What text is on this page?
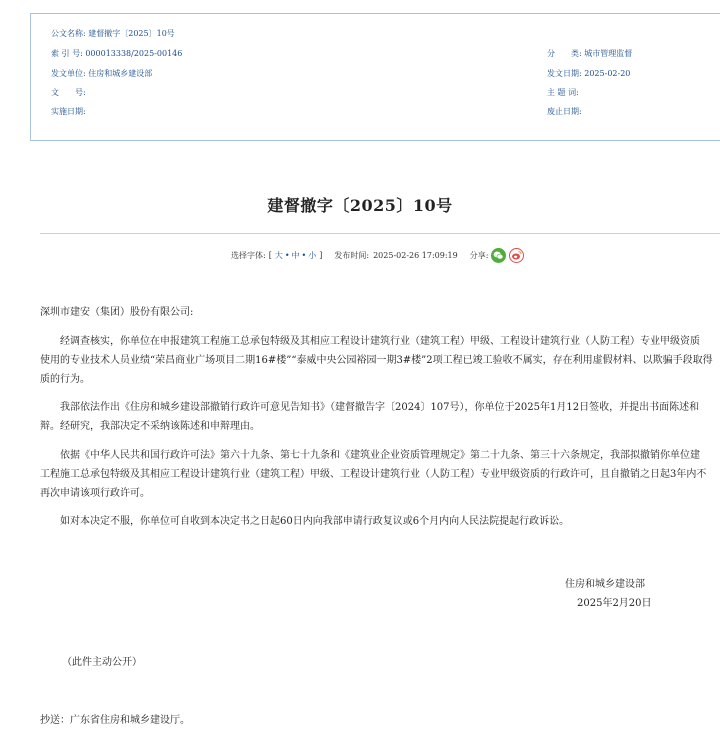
公文名称: 建督撤字〔2025〕10号
索 引 号: 000013338/2025-00146	分　　类: 城市管理监督
发文单位: 住房和城乡建设部	发文日期: 2025-02-20
文　　号:	主 题 词:
实施日期:	废止日期:
建督撤字〔2025〕10号
选择字体: [ 大 • 中 • 小 ] 发布时间: 2025-02-26 17:09:19 分享:
深圳市建安（集团）股份有限公司:
经调查核实，你单位在申报建筑工程施工总承包特级及其相应工程设计建筑行业（建筑工程）甲级、工程设计建筑行业（人防工程）专业甲级资质
使用的专业技术人员业绩“荣昌商业广场项目二期16#楼”“泰威中央公园裕园一期3#楼”2项工程已竣工验收不属实，存在利用虚假材料、以欺骗手段取得
质的行为。
我部依法作出《住房和城乡建设部撤销行政许可意见告知书》（建督撤告字〔2024〕107号），你单位于2025年1月12日签收，并提出书面陈述和
辩。经研究，我部决定不采纳该陈述和申辩理由。
依据《中华人民共和国行政许可法》第六十九条、第七十九条和《建筑业企业资质管理规定》第二十九条、第三十六条规定，我部拟撤销你单位建
工程施工总承包特级及其相应工程设计建筑行业（建筑工程）甲级、工程设计建筑行业（人防工程）专业甲级资质的行政许可，且自撤销之日起3年内不
再次申请该项行政许可。
如对本决定不服，你单位可自收到本决定书之日起60日内向我部申请行政复议或6个月内向人民法院提起行政诉讼。
住房和城乡建设部
2025年2月20日
（此件主动公开）
抄送：广东省住房和城乡建设厅。
